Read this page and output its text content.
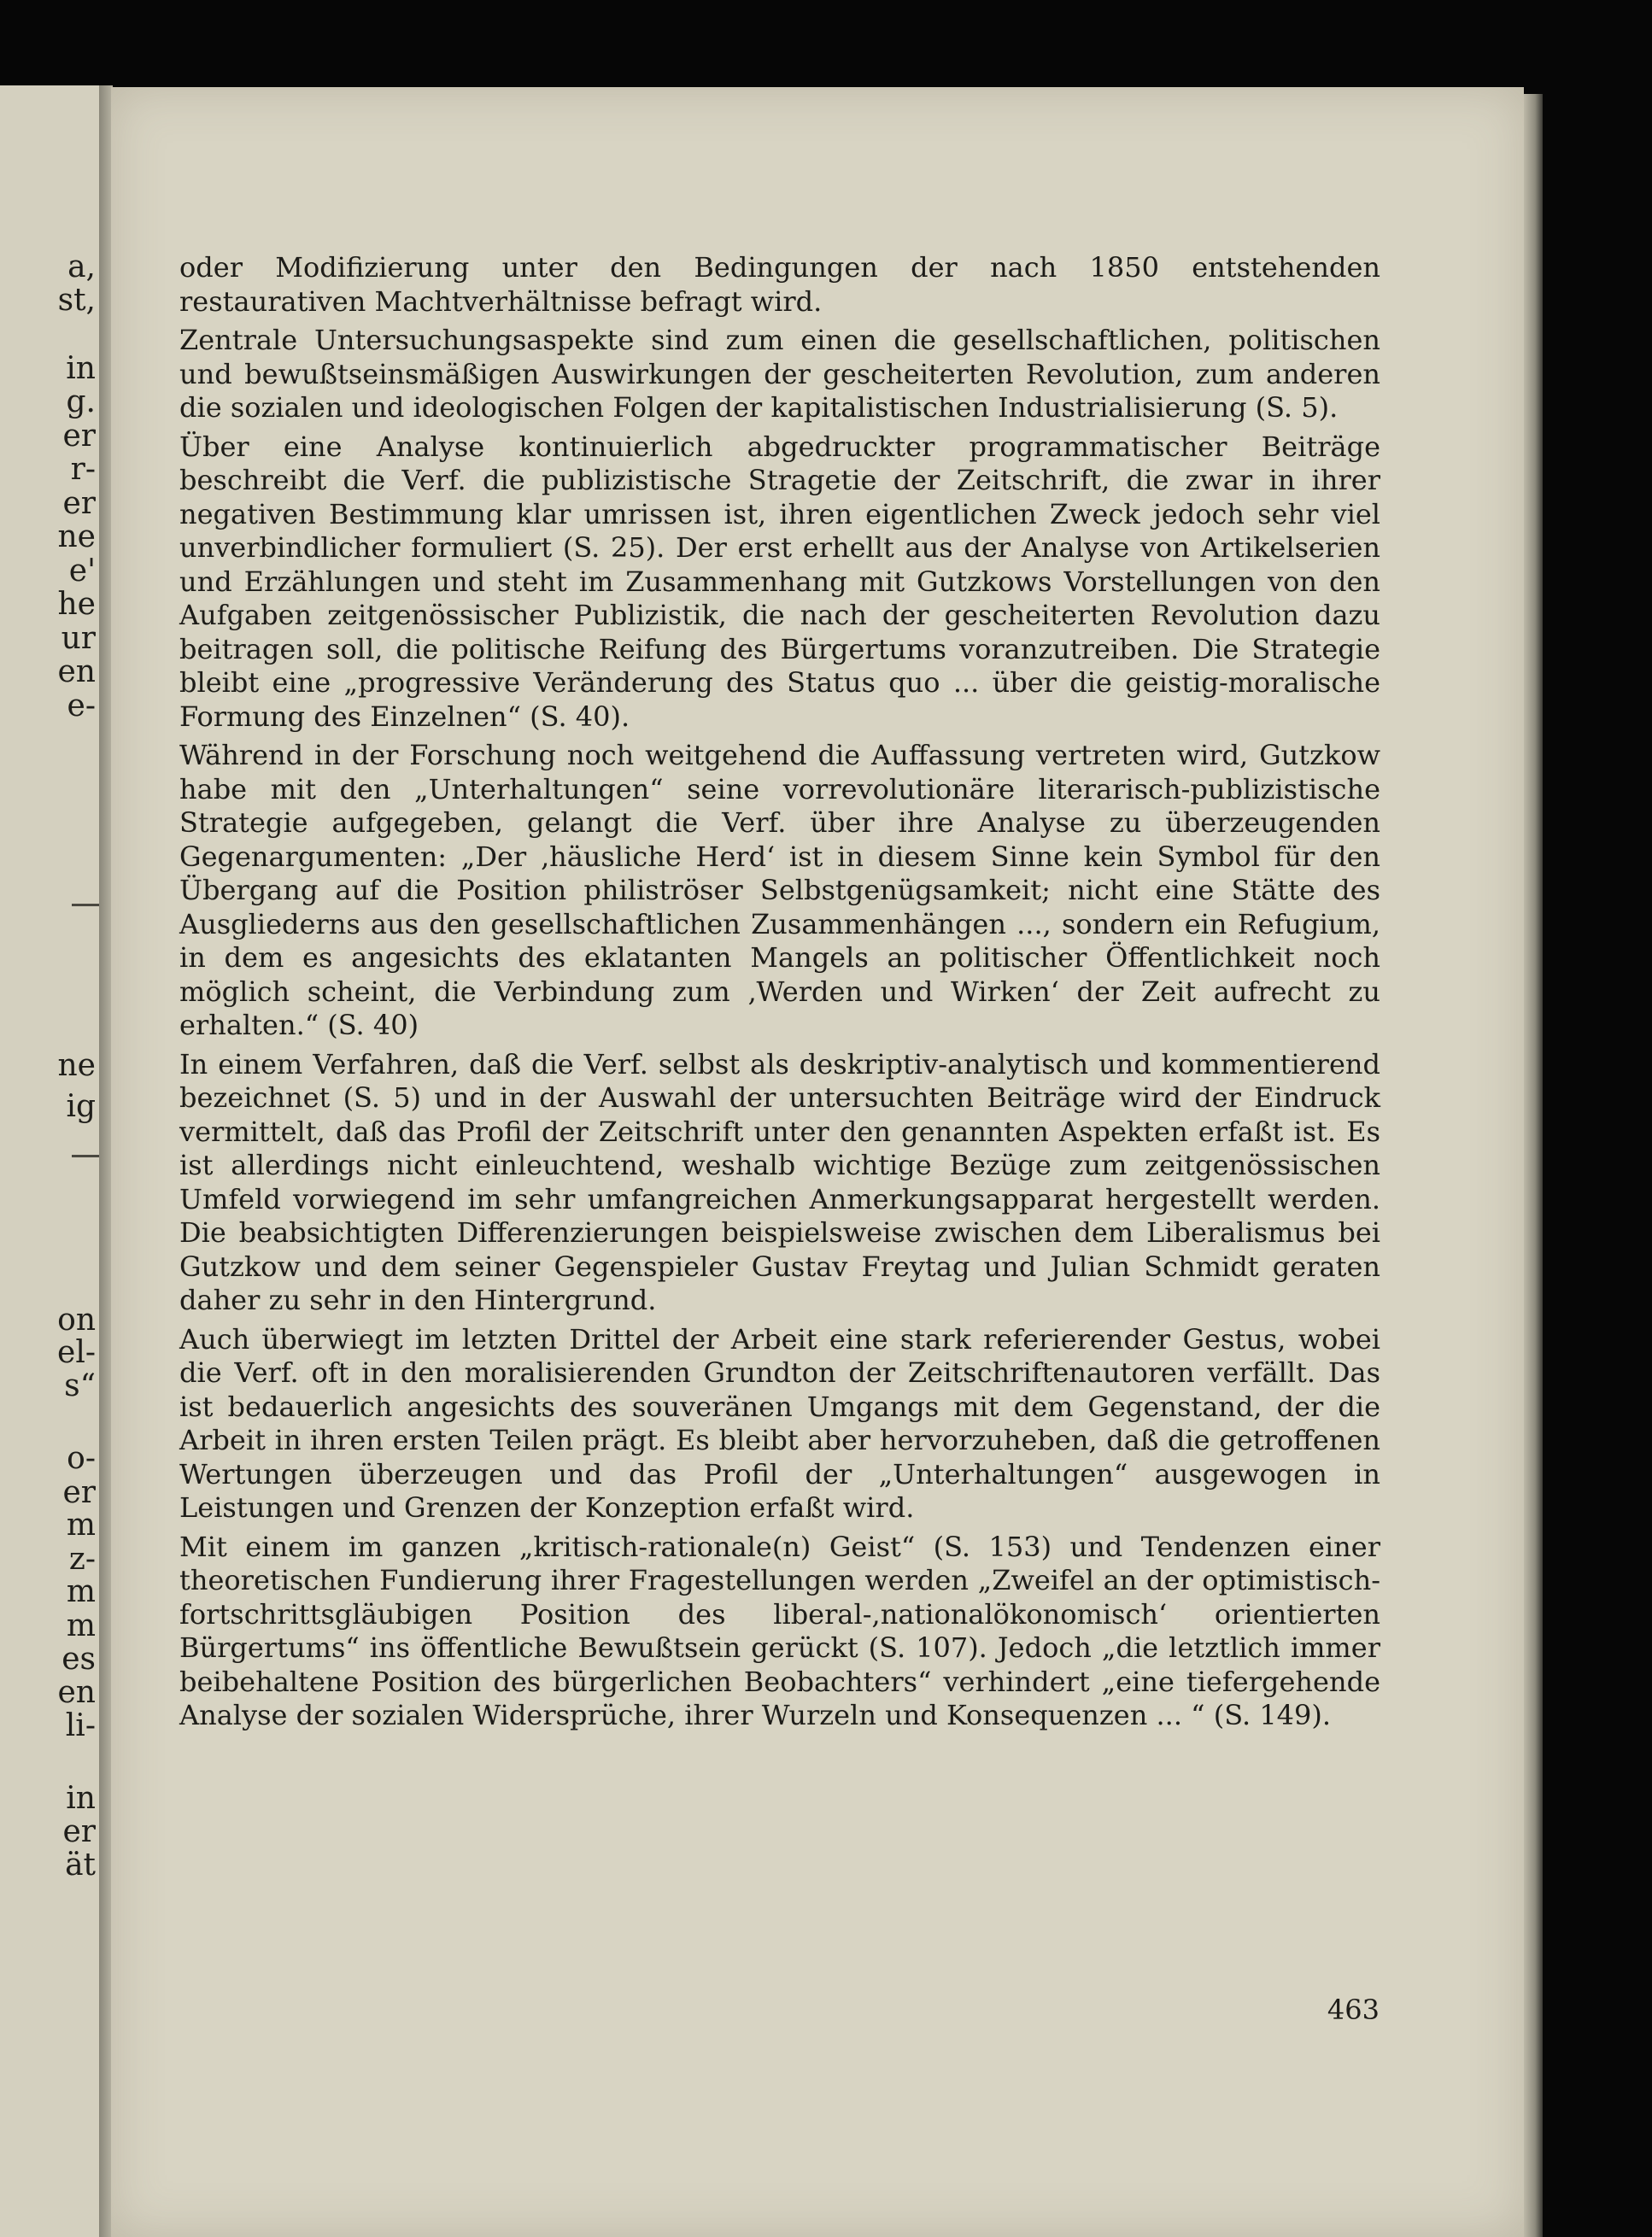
a,
st,
in
g.
er
r-
er
ne
e'
he
ur
en
e-
ne
ig
on
el-
s“
o-
er
m
z-
m
m
es
en
li-
in
er
ät

oder Modifizierung unter den Bedingungen der nach 1850 entstehenden restaurativen Machtverhältnisse befragt wird.

Zentrale Untersuchungsaspekte sind zum einen die gesellschaftlichen, politischen und bewußtseinsmäßigen Auswirkungen der gescheiterten Revolution, zum anderen die sozialen und ideologischen Folgen der kapitalistischen Industrialisierung (S. 5).

Über eine Analyse kontinuierlich abgedruckter programmatischer Beiträge beschreibt die Verf. die publizistische Stragetie der Zeitschrift, die zwar in ihrer negativen Bestimmung klar umrissen ist, ihren eigentlichen Zweck jedoch sehr viel unverbindlicher formuliert (S. 25). Der erst erhellt aus der Analyse von Artikelserien und Erzählungen und steht im Zusammenhang mit Gutzkows Vorstellungen von den Aufgaben zeitgenössischer Publizistik, die nach der gescheiterten Revolution dazu beitragen soll, die politische Reifung des Bürgertums voranzutreiben. Die Strategie bleibt eine „progressive Veränderung des Status quo ... über die geistig-moralische Formung des Einzelnen“ (S. 40).

Während in der Forschung noch weitgehend die Auffassung vertreten wird, Gutzkow habe mit den „Unterhaltungen“ seine vorrevolutionäre literarisch-publizistische Strategie aufgegeben, gelangt die Verf. über ihre Analyse zu überzeugenden Gegenargumenten: „Der ‚häusliche Herd‘ ist in diesem Sinne kein Symbol für den Übergang auf die Position philiströser Selbstgenügsamkeit; nicht eine Stätte des Ausgliederns aus den gesellschaftlichen Zusammenhängen ..., sondern ein Refugium, in dem es angesichts des eklatanten Mangels an politischer Öffentlichkeit noch möglich scheint, die Verbindung zum ‚Werden und Wirken‘ der Zeit aufrecht zu erhalten.“ (S. 40)

In einem Verfahren, daß die Verf. selbst als deskriptiv-analytisch und kommentierend bezeichnet (S. 5) und in der Auswahl der untersuchten Beiträge wird der Eindruck vermittelt, daß das Profil der Zeitschrift unter den genannten Aspekten erfaßt ist. Es ist allerdings nicht einleuchtend, weshalb wichtige Bezüge zum zeitgenössischen Umfeld vorwiegend im sehr umfangreichen Anmerkungsapparat hergestellt werden. Die beabsichtigten Differenzierungen beispielsweise zwischen dem Liberalismus bei Gutzkow und dem seiner Gegenspieler Gustav Freytag und Julian Schmidt geraten daher zu sehr in den Hintergrund.

Auch überwiegt im letzten Drittel der Arbeit eine stark referierender Gestus, wobei die Verf. oft in den moralisierenden Grundton der Zeitschriftenautoren verfällt. Das ist bedauerlich angesichts des souveränen Umgangs mit dem Gegenstand, der die Arbeit in ihren ersten Teilen prägt. Es bleibt aber hervorzuheben, daß die getroffenen Wertungen überzeugen und das Profil der „Unterhaltungen“ ausgewogen in Leistungen und Grenzen der Konzeption erfaßt wird.

Mit einem im ganzen „kritisch-rationale(n) Geist“ (S. 153) und Tendenzen einer theoretischen Fundierung ihrer Fragestellungen werden „Zweifel an der optimistisch-fortschrittsgläubigen Position des liberal-,nationalökonomisch‘ orientierten Bürgertums“ ins öffentliche Bewußtsein gerückt (S. 107). Jedoch „die letztlich immer beibehaltene Position des bürgerlichen Beobachters“ verhindert „eine tiefergehende Analyse der sozialen Widersprüche, ihrer Wurzeln und Konsequenzen ... “ (S. 149).

463
